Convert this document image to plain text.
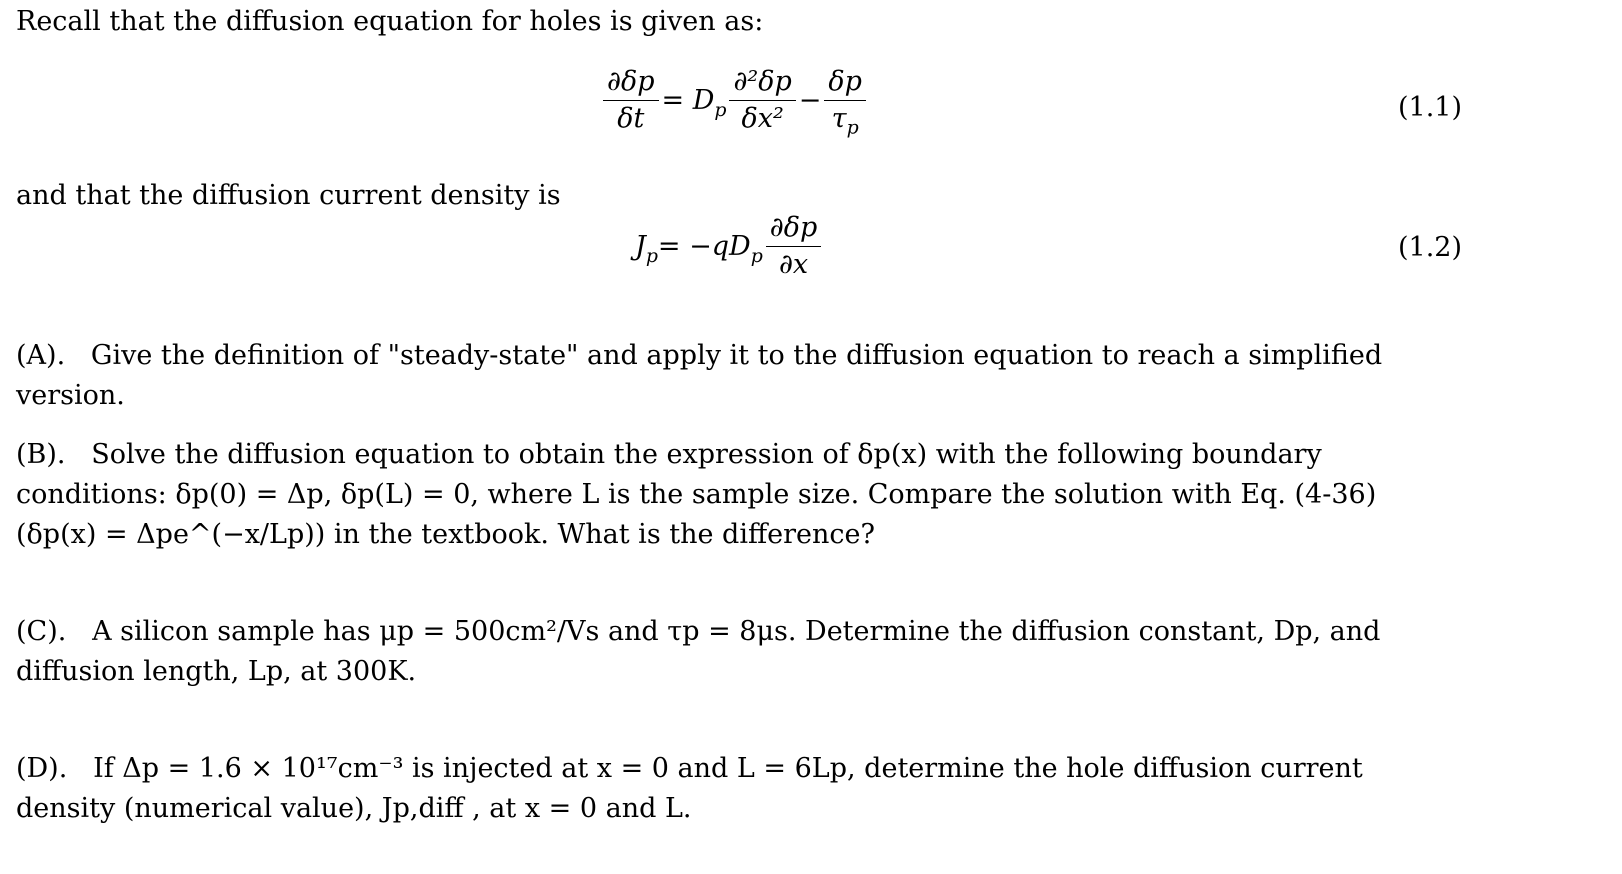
Recall that the diffusion equation for holes is given as:
$\frac{\partial\delta p}{\delta t} = D$ p $\frac{\text{∂²δp}}{\text{δx²}} - \frac{\delta p}{\tau_p}$	(1.1)
and that the diffusion current density is
J p = −qD p $\frac{\partial\delta p}{\partial x}$	(1.2)
(A). Give the definition of "steady-state" and apply it to the diffusion equation to reach a simplified version.
(B). Solve the diffusion equation to obtain the expression of δp(x) with the following boundary conditions: δp(0) = Δp, δp(L) = 0, where L is the sample size. Compare the solution with Eq. (4-36) (δp(x) = Δpe^(−x/Lp)) in the textbook. What is the difference?
(C). A silicon sample has μp = 500cm²/Vs and τp = 8μs. Determine the diffusion constant, Dp, and diffusion length, Lp, at 300K.
(D). If Δp = 1.6 × 10¹⁷cm⁻³ is injected at x = 0 and L = 6Lp, determine the hole diffusion current density (numerical value), Jp,diff , at x = 0 and L.
